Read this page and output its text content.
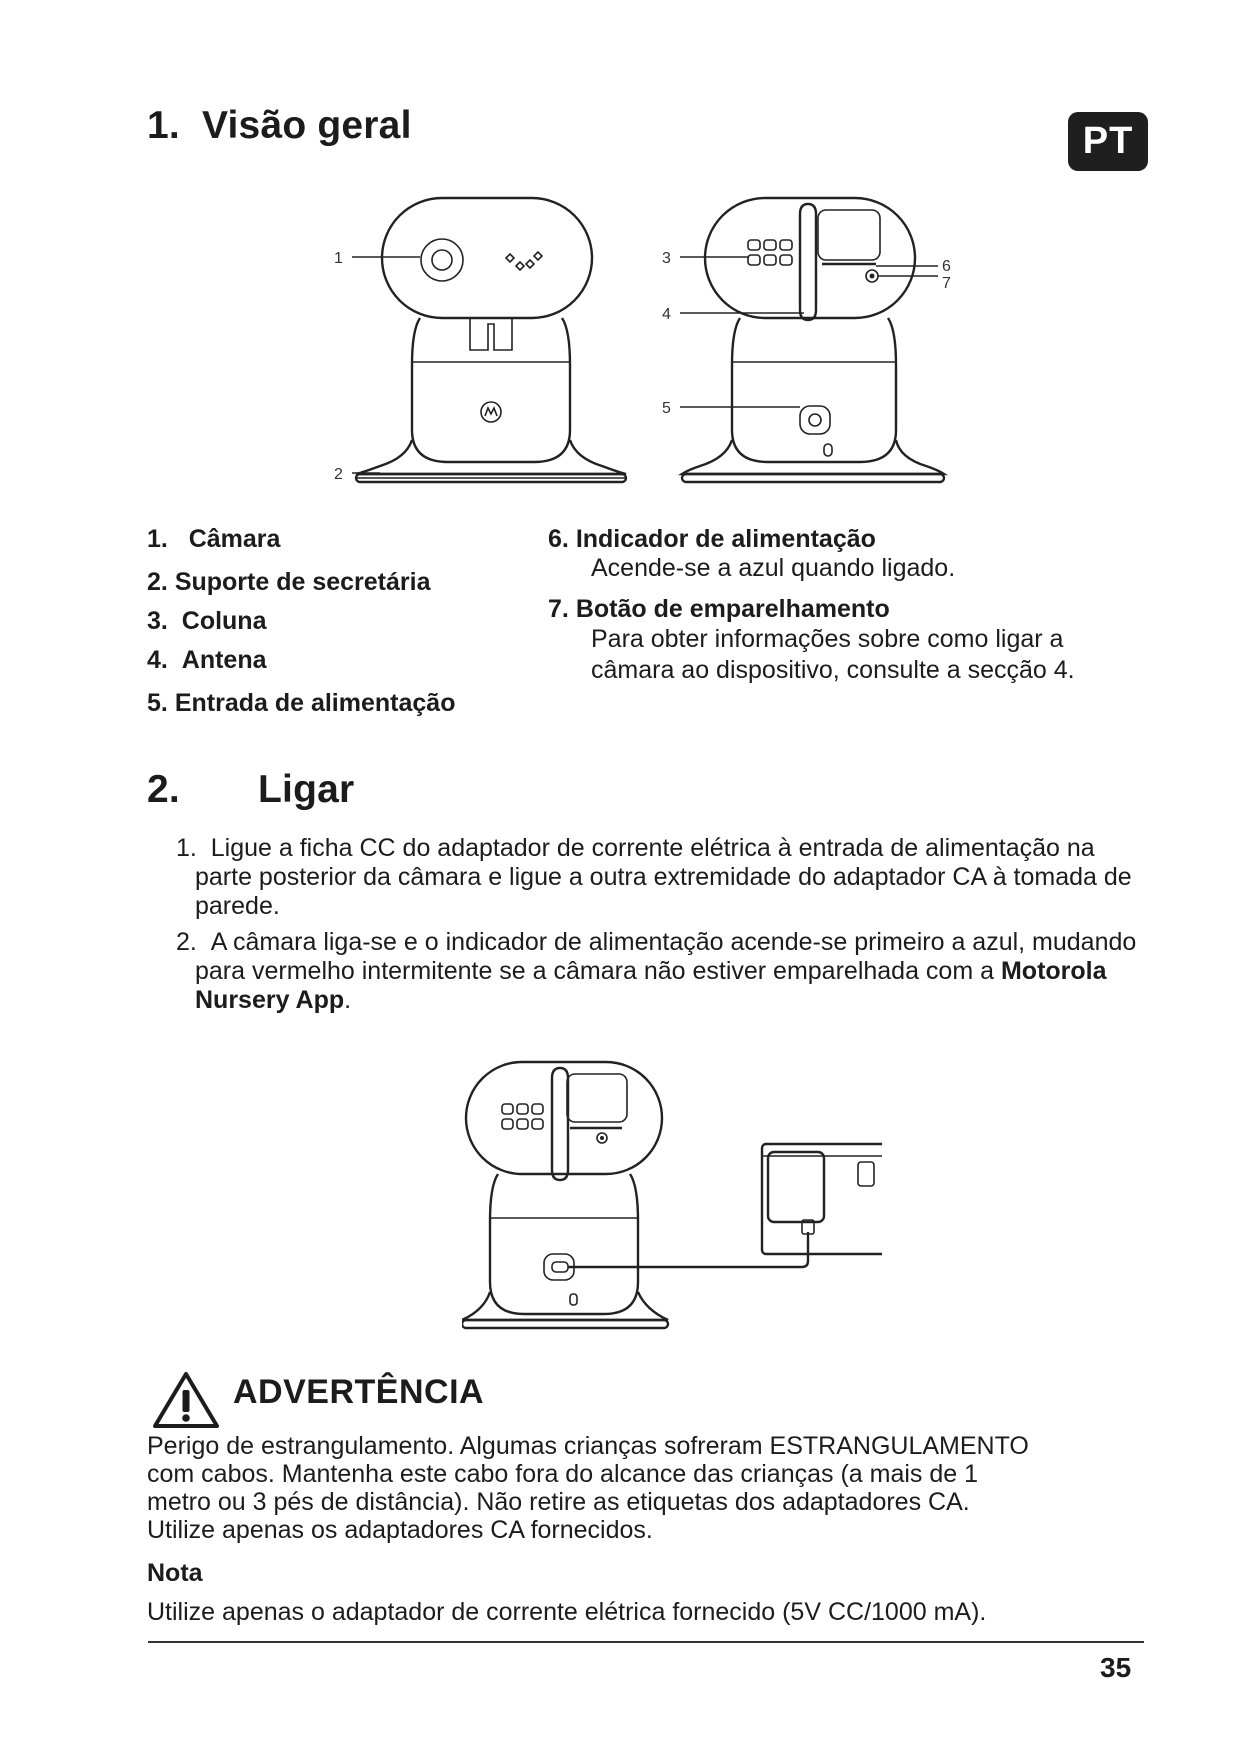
1. Visão geral	PT
1
2
3
4
5
6
7
1. Câmara
2. Suporte de secretária
3. Coluna
4. Antena
5. Entrada de alimentação
6. Indicador de alimentação
Acende-se a azul quando ligado.
7. Botão de emparelhamento
Para obter informações sobre como ligar a
câmara ao dispositivo, consulte a secção 4.
2. Ligar
1. Ligue a ficha CC do adaptador de corrente elétrica à entrada de alimentação na parte posterior da câmara e ligue a outra extremidade do adaptador CA à tomada de parede.
2. A câmara liga-se e o indicador de alimentação acende-se primeiro a azul, mudando para vermelho intermitente se a câmara não estiver emparelhada com a Motorola Nursery App.
ADVERTÊNCIA
Perigo de estrangulamento. Algumas crianças sofreram ESTRANGULAMENTO
com cabos. Mantenha este cabo fora do alcance das crianças (a mais de 1
metro ou 3 pés de distância). Não retire as etiquetas dos adaptadores CA.
Utilize apenas os adaptadores CA fornecidos.
Nota
Utilize apenas o adaptador de corrente elétrica fornecido (5V CC/1000 mA).
35
